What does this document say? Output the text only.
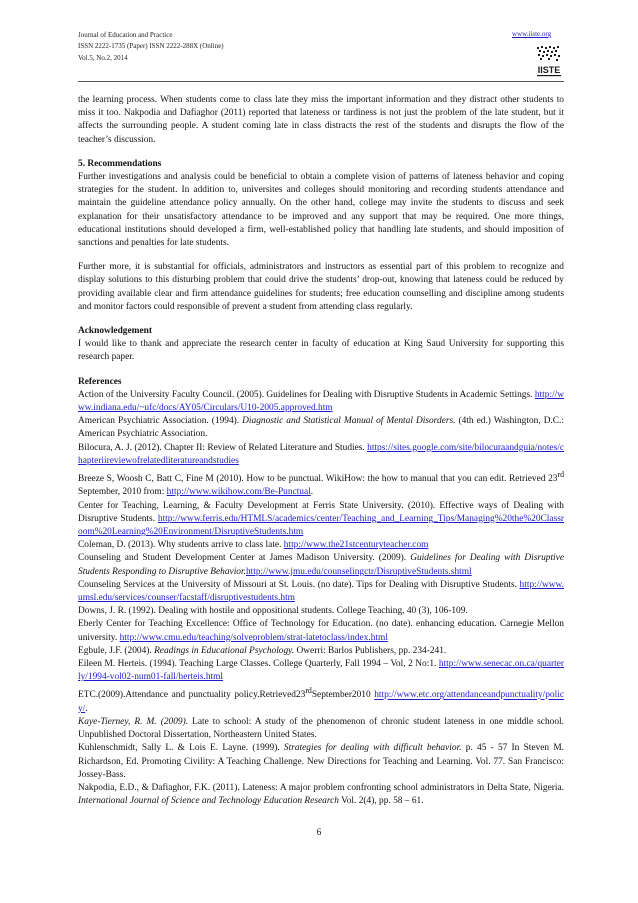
Journal of Education and Practice
ISSN 2222-1735 (Paper) ISSN 2222-288X (Online)
Vol.5, No.2, 2014
www.iiste.org
IISTE

the learning process. When students come to class late they miss the important information and they distract other students to miss it too. Nakpodia and Dafiaghor (2011) reported that lateness or tardiness is not just the problem of the late student, but it affects the surrounding people. A student coming late in class distracts the rest of the students and disrupts the flow of the teacher’s discussion.

5. Recommendations

Further investigations and analysis could be beneficial to obtain a complete vision of patterns of lateness behavior and coping strategies for the student. In addition to, universites and colleges should monitoring and recording students attendance and maintain the guideline attendance policy annually. On the other hand, college may invite the students to discuss and seek explanation for their unsatisfactory attendance to be improved and any support that may be required. One more things, educational institutions should developed a firm, well-established policy that handling late students, and should imposition of sanctions and penalties for late students.

Further more, it is substantial for officials, administrators and instructors as essential part of this problem to recognize and display solutions to this disturbing problem that could drive the students’ drop-out, knowing that lateness could be reduced by providing available clear and firm attendance guidelines for students; free education counselling and discipline among students and monitor factors could responsible of prevent a student from attending class regularly.

Acknowledgement

I would like to thank and appreciate the research center in faculty of education at King Saud University for supporting this research paper.

References

Action of the University Faculty Council. (2005). Guidelines for Dealing with Disruptive Students in Academic Settings. http://www.indiana.edu/~ufc/docs/AY05/Circulars/U10-2005.approved.htm

American Psychiatric Association. (1994). Diagnostic and Statistical Manual of Mental Disorders. (4th ed.) Washington, D.C.: American Psychiatric Association.

Bilocura, A. J. (2012). Chapter II: Review of Related Literature and Studies. https://sites.google.com/site/bilocuraandguia/notes/chapteriireviewofrelatedliteratureandstudies

Breeze S, Woosh C, Batt C, Fine M (2010). How to be punctual. WikiHow: the how to manual that you can edit. Retrieved 23rd September, 2010 from: http://www.wikihow.com/Be-Punctual.

Center for Teaching, Learning, & Faculty Development at Ferris State University. (2010). Effective ways of Dealing with Disruptive Students. http://www.ferris.edu/HTMLS/academics/center/Teaching_and_Learning_Tips/Managing%20the%20Classroom%20Learning%20Environment/DisruptiveStudents.htm

Coleman, D. (2013). Why students arrive to class late. http://www.the21stcenturyteacher.com

Counseling and Student Development Center at James Madison University. (2009). Guidelines for Dealing with Disruptive Students Responding to Disruptive Behavior.http://www.jmu.edu/counselingctr/DisruptiveStudents.shtml

Counseling Services at the University of Missouri at St. Louis. (no date). Tips for Dealing with Disruptive Students. http://www.umsl.edu/services/counser/facstaff/disruptivestudents.htm

Downs, J. R. (1992). Dealing with hostile and oppositional students. College Teaching, 40 (3), 106-109.

Eberly Center for Teaching Excellence: Office of Technology for Education. (no date). enhancing education. Carnegie Mellon university. http://www.cmu.edu/teaching/solveproblem/strat-latetoclass/index.html

Egbule, J.F. (2004). Readings in Educational Psychology. Owerri: Barlos Publishers, pp. 234-241.

Eileen M. Herteis. (1994). Teaching Large Classes. College Quarterly, Fall 1994 – Vol, 2 No:1. http://www.senecac.on.ca/quarterly/1994-vol02-num01-fall/herteis.html

ETC.(2009).Attendance and punctuality policy.Retrieved23rdSeptember2010 http://www.etc.org/attendanceandpunctuality/policy/.

Kaye-Tierney, R. M. (2009). Late to school: A study of the phenomenon of chronic student lateness in one middle school. Unpublished Doctoral Dissertation, Northeastern United States.

Kuhlenschmidt, Sally L. & Lois E. Layne. (1999). Strategies for dealing with difficult behavior. p. 45 - 57 In Steven M. Richardson, Ed. Promoting Civility: A Teaching Challenge. New Directions for Teaching and Learning. Vol. 77. San Francisco: Jossey-Bass.

Nakpodia, E.D., & Dafiaghor, F.K. (2011). Lateness: A major problem confronting school administrators in Delta State, Nigeria. International Journal of Science and Technology Education Research Vol. 2(4), pp. 58 – 61.

6
